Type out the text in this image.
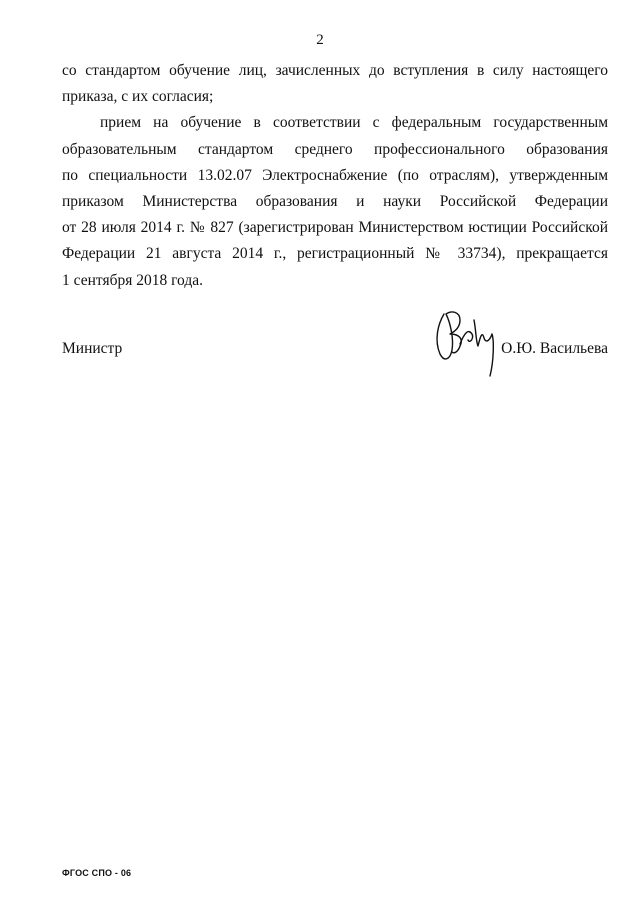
2

со стандартом обучение лиц, зачисленных до вступления в силу настоящего
приказа, с их согласия;

прием на обучение в соответствии с федеральным государственным
образовательным стандартом среднего профессионального образования
по специальности 13.02.07 Электроснабжение (по отраслям), утвержденным
приказом Министерства образования и науки Российской Федерации
от 28 июля 2014 г. № 827 (зарегистрирован Министерством юстиции Российской
Федерации 21 августа 2014 г., регистрационный № 33734), прекращается
1 сентября 2018 года.

Министр	О.Ю. Васильева
ФГОС СПО - 06
